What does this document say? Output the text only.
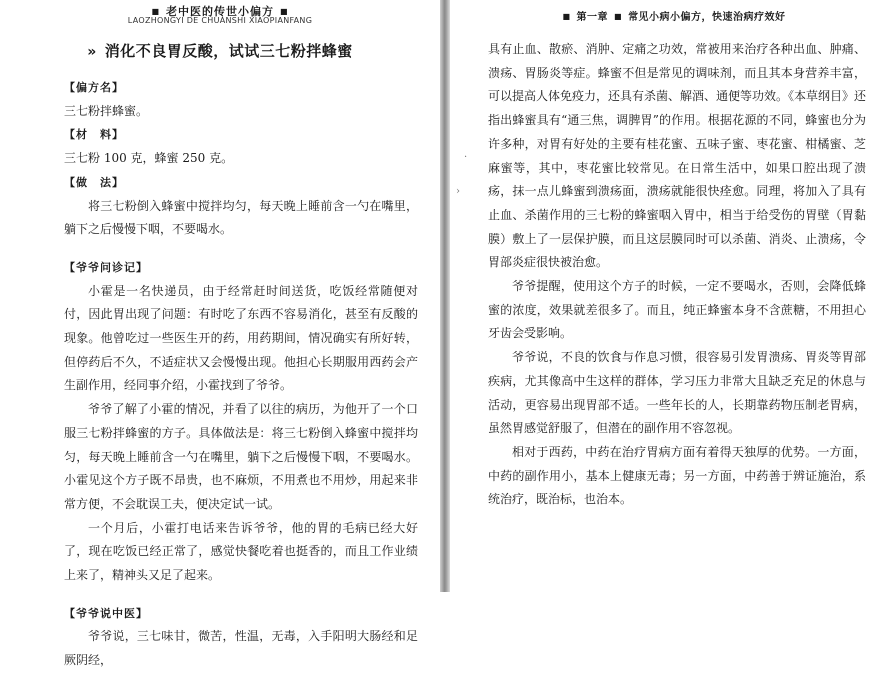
■ 老中医的传世小偏方 ■
LAOZHONGYI DE CHUANSHI XIAOPIANFANG
» 消化不良胃反酸，试试三七粉拌蜂蜜

【偏方名】

三七粉拌蜂蜜。

【材　料】

三七粉 100 克，蜂蜜 250 克。

【做　法】

将三七粉倒入蜂蜜中搅拌均匀，每天晚上睡前含一勺在嘴里，躺下之后慢慢下咽，不要喝水。

【爷爷问诊记】

小霍是一名快递员，由于经常赶时间送货，吃饭经常随便对付，因此胃出现了问题：有时吃了东西不容易消化，甚至有反酸的现象。他曾吃过一些医生开的药，用药期间，情况确实有所好转，但停药后不久，不适症状又会慢慢出现。他担心长期服用西药会产生副作用，经同事介绍，小霍找到了爷爷。

爷爷了解了小霍的情况，并看了以往的病历，为他开了一个口服三七粉拌蜂蜜的方子。具体做法是：将三七粉倒入蜂蜜中搅拌均匀，每天晚上睡前含一勺在嘴里，躺下之后慢慢下咽，不要喝水。小霍见这个方子既不昂贵，也不麻烦，不用煮也不用炒，用起来非常方便，不会耽误工夫，便决定试一试。

一个月后，小霍打电话来告诉爷爷，他的胃的毛病已经大好了，现在吃饭已经正常了，感觉快餐吃着也挺香的，而且工作业绩上来了，精神头又足了起来。

【爷爷说中医】

爷爷说，三七味甘，微苦，性温，无毒，入手阳明大肠经和足厥阴经，

■ 第一章 ■ 常见小病小偏方，快速治病疗效好
·
›

具有止血、散瘀、消肿、定痛之功效，常被用来治疗各种出血、肿痛、溃疡、胃肠炎等症。蜂蜜不但是常见的调味剂，而且其本身营养丰富，可以提高人体免疫力，还具有杀菌、解酒、通便等功效。《本草纲目》还指出蜂蜜具有“通三焦，调脾胃”的作用。根据花源的不同，蜂蜜也分为许多种，对胃有好处的主要有桂花蜜、五味子蜜、枣花蜜、柑橘蜜、芝麻蜜等，其中，枣花蜜比较常见。在日常生活中，如果口腔出现了溃疡，抹一点儿蜂蜜到溃疡面，溃疡就能很快痊愈。同理，将加入了具有止血、杀菌作用的三七粉的蜂蜜咽入胃中，相当于给受伤的胃壁（胃黏膜）敷上了一层保护膜，而且这层膜同时可以杀菌、消炎、止溃疡，令胃部炎症很快被治愈。

爷爷提醒，使用这个方子的时候，一定不要喝水，否则，会降低蜂蜜的浓度，效果就差很多了。而且，纯正蜂蜜本身不含蔗糖，不用担心牙齿会受影响。

爷爷说，不良的饮食与作息习惯，很容易引发胃溃疡、胃炎等胃部疾病，尤其像高中生这样的群体，学习压力非常大且缺乏充足的休息与活动，更容易出现胃部不适。一些年长的人，长期靠药物压制老胃病，虽然胃感觉舒服了，但潜在的副作用不容忽视。

相对于西药，中药在治疗胃病方面有着得天独厚的优势。一方面，中药的副作用小，基本上健康无毒；另一方面，中药善于辨证施治，系统治疗，既治标，也治本。
